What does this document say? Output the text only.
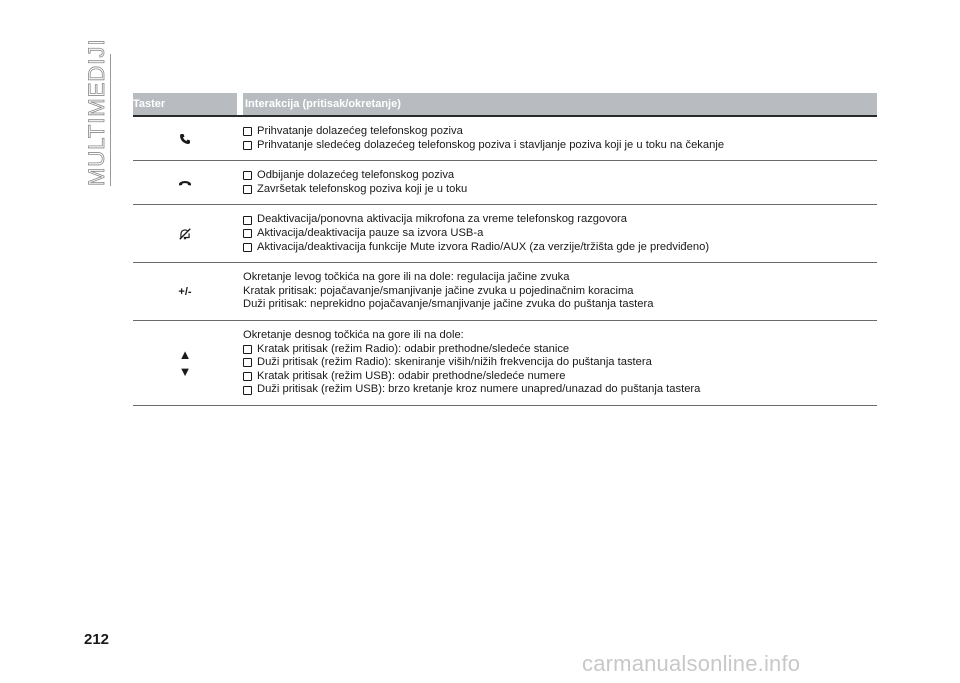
MULTIMEDIJI Taster	Interakcija (pritisak/okretanje)
Prihvatanje dolazećeg telefonskog poziva
Prihvatanje sledećeg dolazećeg telefonskog poziva i stavljanje poziva koji je u toku na čekanje
Odbijanje dolazećeg telefonskog poziva
Završetak telefonskog poziva koji je u toku
Deaktivacija/ponovna aktivacija mikrofona za vreme telefonskog razgovora
Aktivacija/deaktivacija pauze sa izvora USB-a
Aktivacija/deaktivacija funkcije Mute izvora Radio/AUX (za verzije/tržišta gde je predviđeno)
+/-
Okretanje levog točkića na gore ili na dole: regulacija jačine zvuka
Kratak pritisak: pojačavanje/smanjivanje jačine zvuka u pojedinačnim koracima
Duži pritisak: neprekidno pojačavanje/smanjivanje jačine zvuka do puštanja tastera
▲
▼
Okretanje desnog točkića na gore ili na dole:
Kratak pritisak (režim Radio): odabir prethodne/sledeće stanice
Duži pritisak (režim Radio): skeniranje viših/nižih frekvencija do puštanja tastera
Kratak pritisak (režim USB): odabir prethodne/sledeće numere
Duži pritisak (režim USB): brzo kretanje kroz numere unapred/unazad do puštanja tastera
212
carmanualsonline.info
